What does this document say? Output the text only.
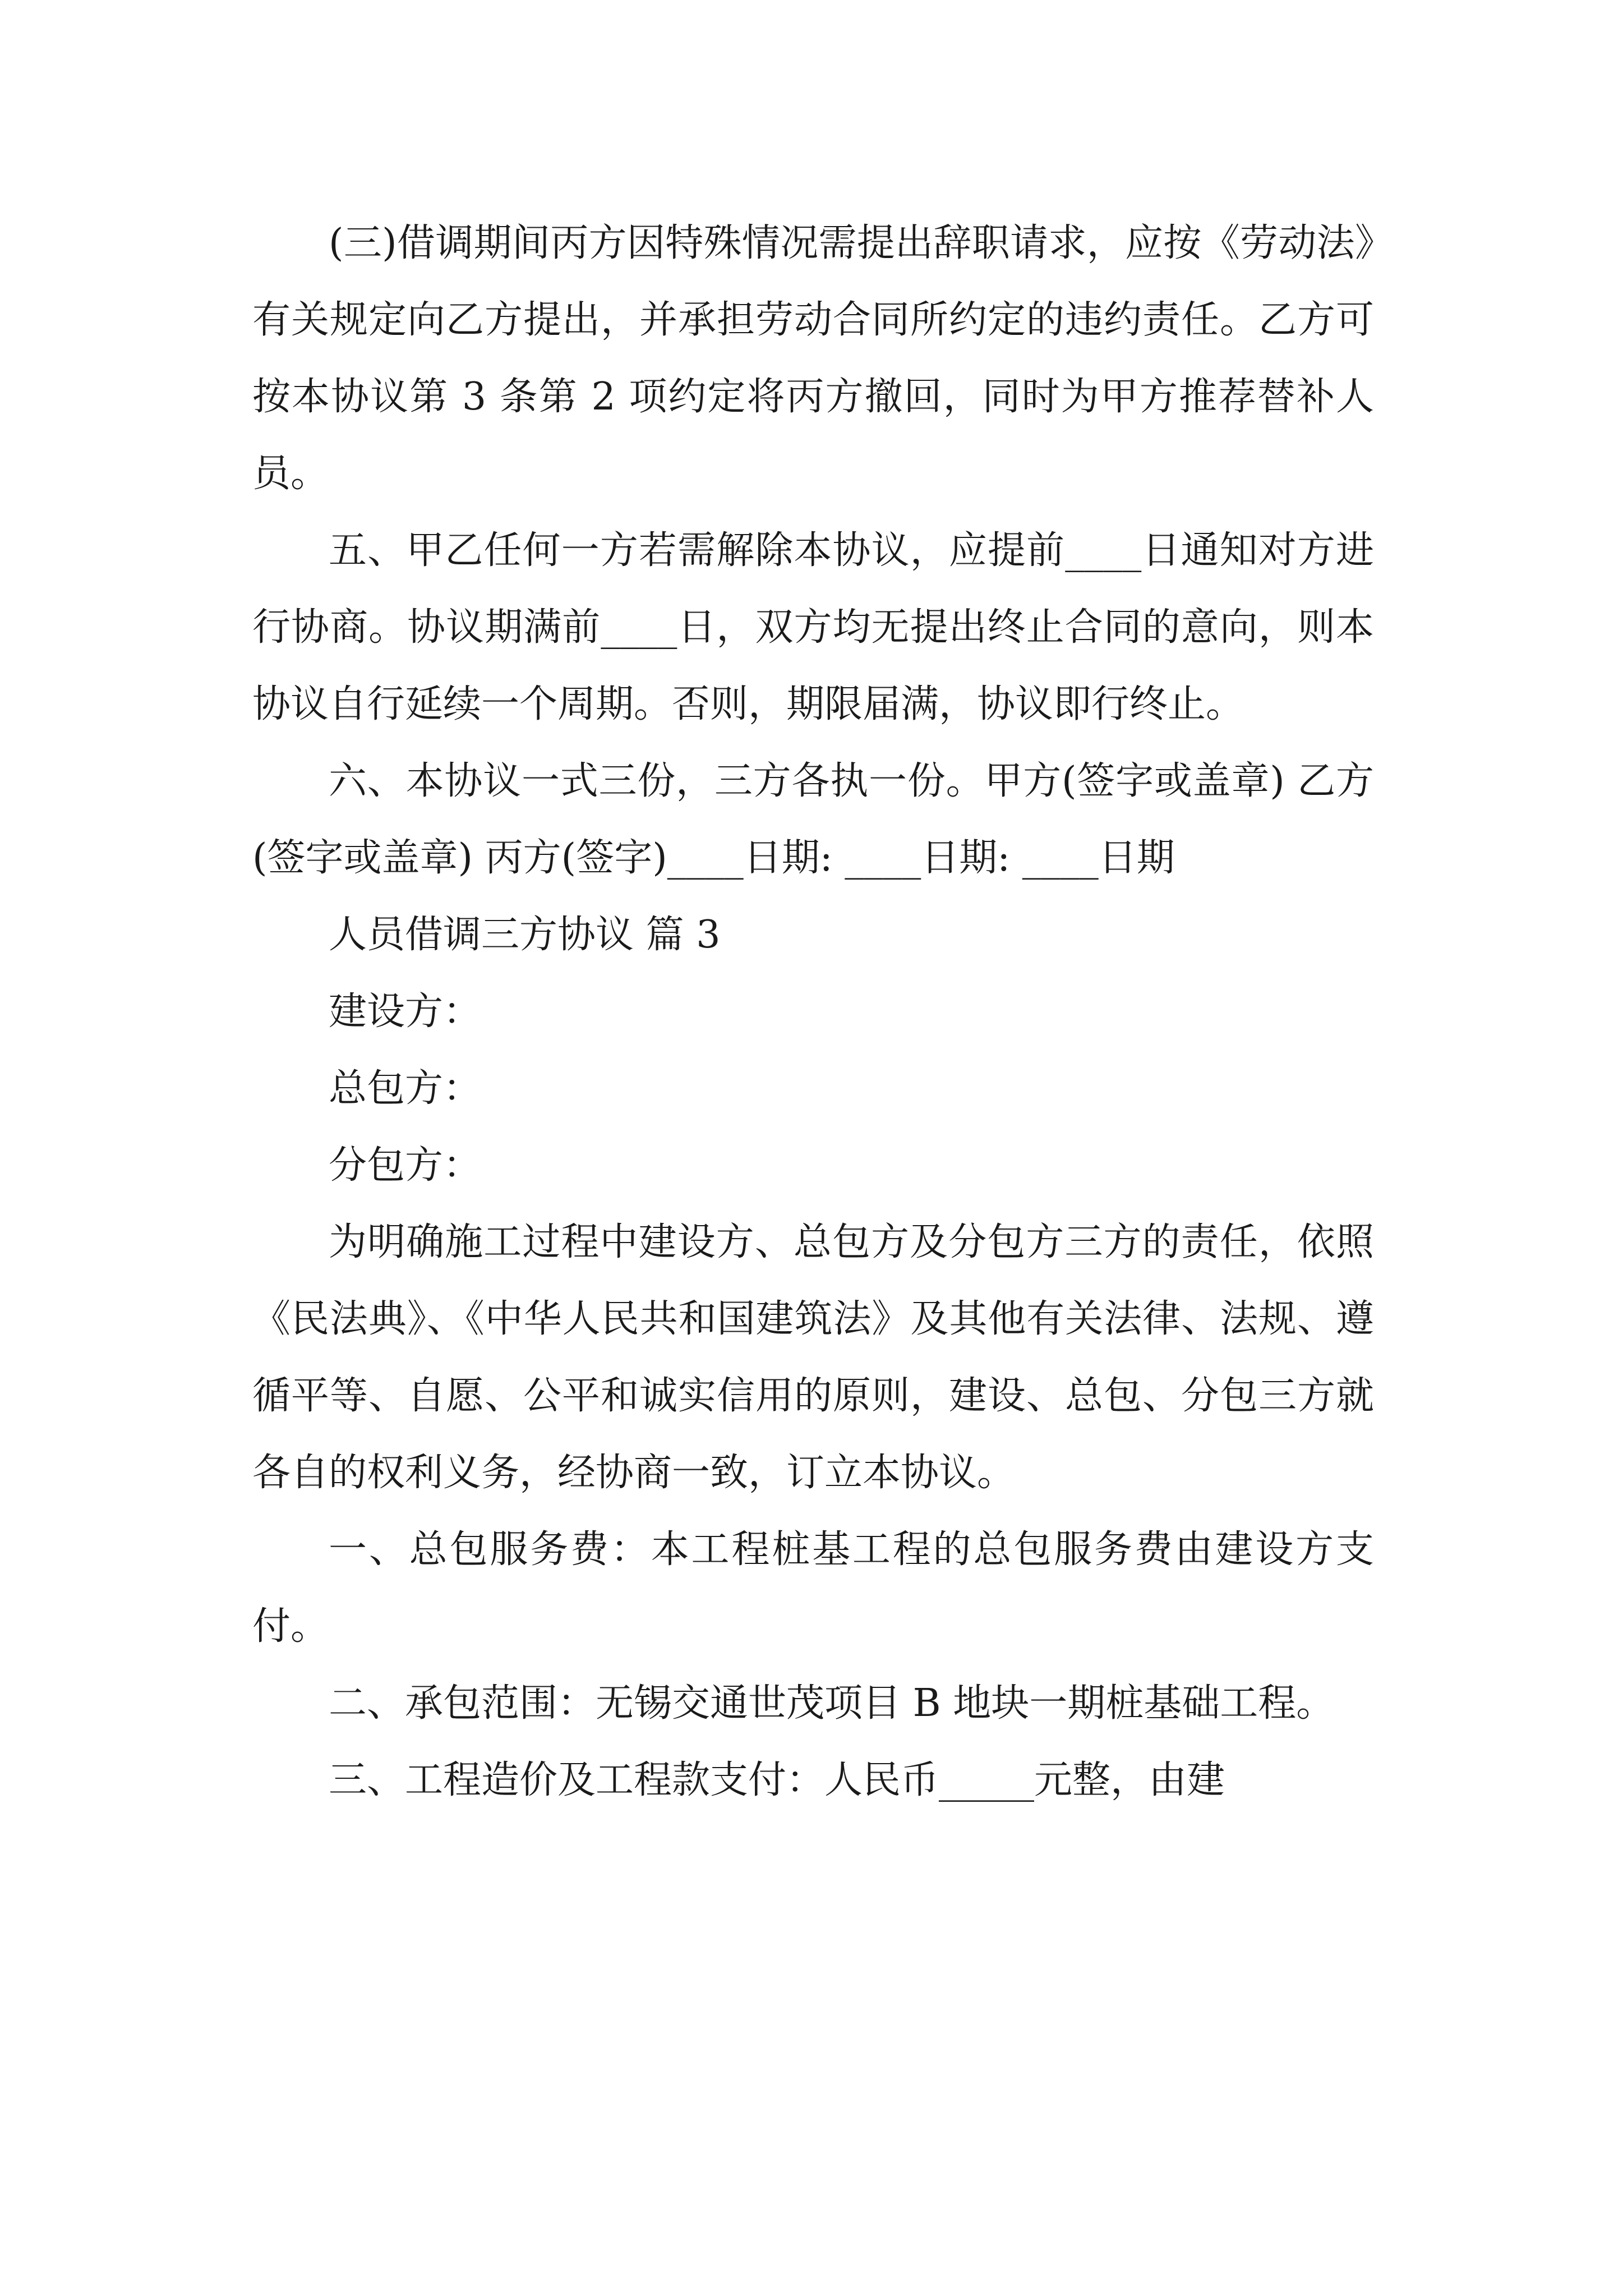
(三)借调期间丙方因特殊情况需提出辞职请求，应按《劳动法》有关规定向乙方提出，并承担劳动合同所约定的违约责任。乙方可按本协议第 3 条第 2 项约定将丙方撤回，同时为甲方推荐替补人员。

五、甲乙任何一方若需解除本协议，应提前____日通知对方进行协商。协议期满前____日，双方均无提出终止合同的意向，则本协议自行延续一个周期。否则，期限届满，协议即行终止。

六、本协议一式三份，三方各执一份。甲方(签字或盖章) 乙方(签字或盖章) 丙方(签字)____日期: ____日期: ____日期

人员借调三方协议 篇 3

建设方：

总包方：

分包方：

为明确施工过程中建设方、总包方及分包方三方的责任，依照《民法典》、《中华人民共和国建筑法》及其他有关法律、法规、遵循平等、自愿、公平和诚实信用的原则，建设、总包、分包三方就各自的权利义务，经协商一致，订立本协议。

一、总包服务费：本工程桩基工程的总包服务费由建设方支付。

二、承包范围：无锡交通世茂项目 B 地块一期桩基础工程。

三、工程造价及工程款支付：人民币_____元整，由建
